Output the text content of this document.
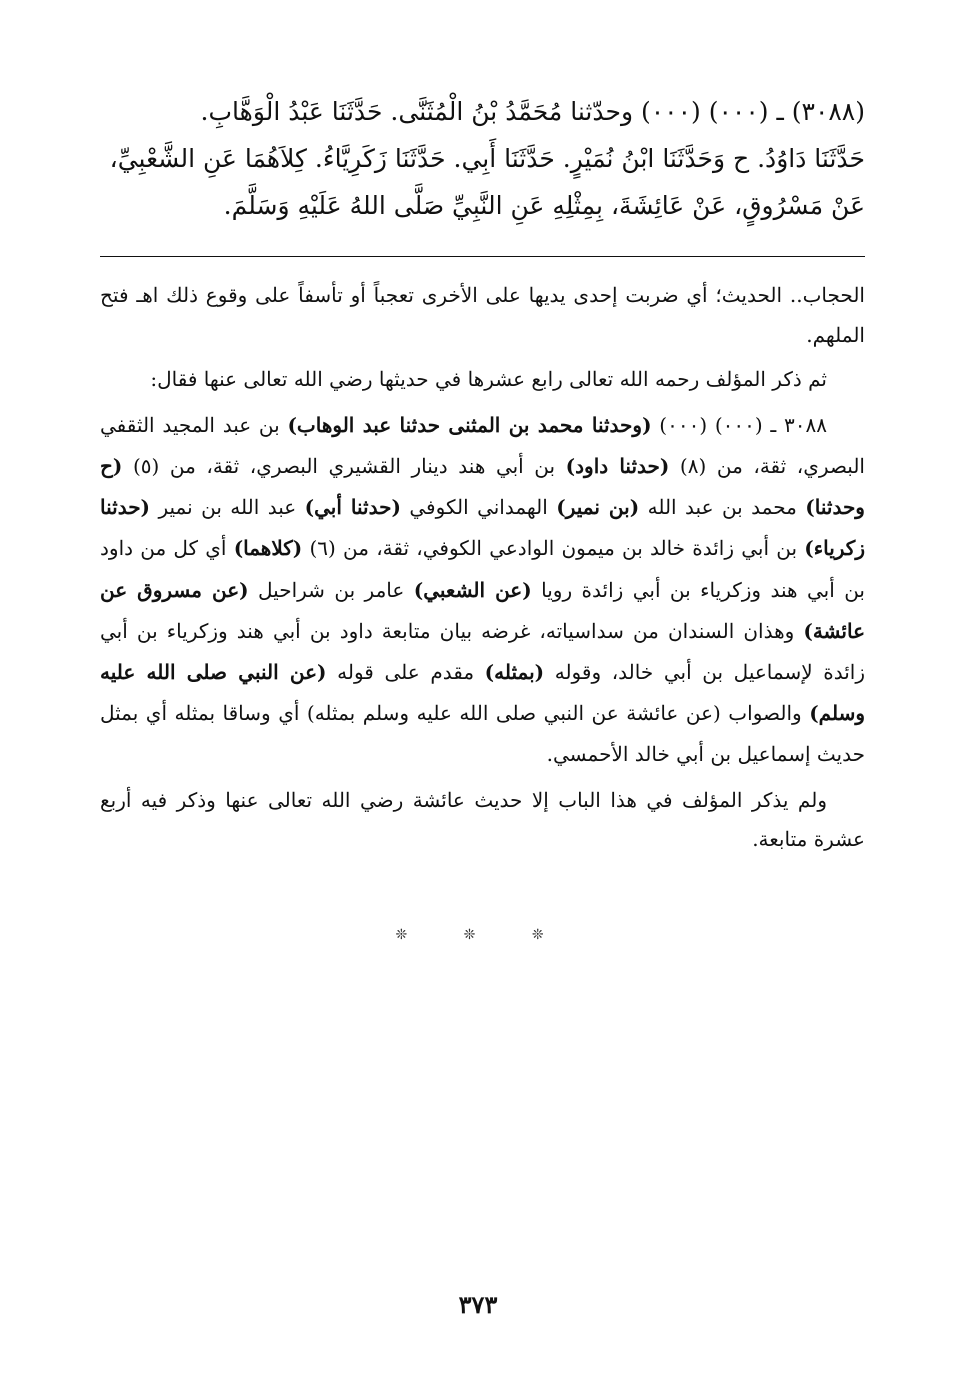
(٣٠٨٨) ـ (٠٠٠) (٠٠٠) وحدّثنا مُحَمَّدُ بْنُ الْمُثَنَّى. حَدَّثَنَا عَبْدُ الْوَهَّابِ.
حَدَّثَنَا دَاوُدُ. ح وَحَدَّثَنَا ابْنُ نُمَيْرٍ. حَدَّثَنَا أَبِي. حَدَّثَنَا زَكَرِيَّاءُ. كِلاَهُمَا عَنِ الشَّعْبِيِّ،
عَنْ مَسْرُوقٍ، عَنْ عَائِشَةَ، بِمِثْلِهِ عَنِ النَّبِيِّ صَلَّى اللهُ عَلَيْهِ وَسَلَّمَ.

الحجاب.. الحديث؛ أي ضربت إحدى يديها على الأخرى تعجباً أو تأسفاً على وقوع ذلك اهـ فتح الملهم.

ثم ذكر المؤلف رحمه الله تعالى رابع عشرها في حديثها رضي الله تعالى عنها فقال:

٣٠٨٨ ـ (٠٠٠) (٠٠٠) (وحدثنا محمد بن المثنى حدثنا عبد الوهاب) بن عبد المجيد الثقفي البصري، ثقة، من (٨) (حدثنا داود) بن أبي هند دينار القشيري البصري، ثقة، من (٥) (ح وحدثنا) محمد بن عبد الله (بن نمير) الهمداني الكوفي (حدثنا أبي) عبد الله بن نمير (حدثنا زكرياء) بن أبي زائدة خالد بن ميمون الوادعي الكوفي، ثقة، من (٦) (كلاهما) أي كل من داود بن أبي هند وزكرياء بن أبي زائدة رويا (عن الشعبي) عامر بن شراحيل (عن مسروق عن عائشة) وهذان السندان من سداسياته، غرضه بيان متابعة داود بن أبي هند وزكرياء بن أبي زائدة لإسماعيل بن أبي خالد، وقوله (بمثله) مقدم على قوله (عن النبي صلى الله عليه وسلم) والصواب (عن عائشة عن النبي صلى الله عليه وسلم بمثله) أي وساقا بمثله أي بمثل حديث إسماعيل بن أبي خالد الأحمسي.

ولم يذكر المؤلف في هذا الباب إلا حديث عائشة رضي الله تعالى عنها وذكر فيه أربع عشرة متابعة.

❊ ❊ ❊
٣٧٣
